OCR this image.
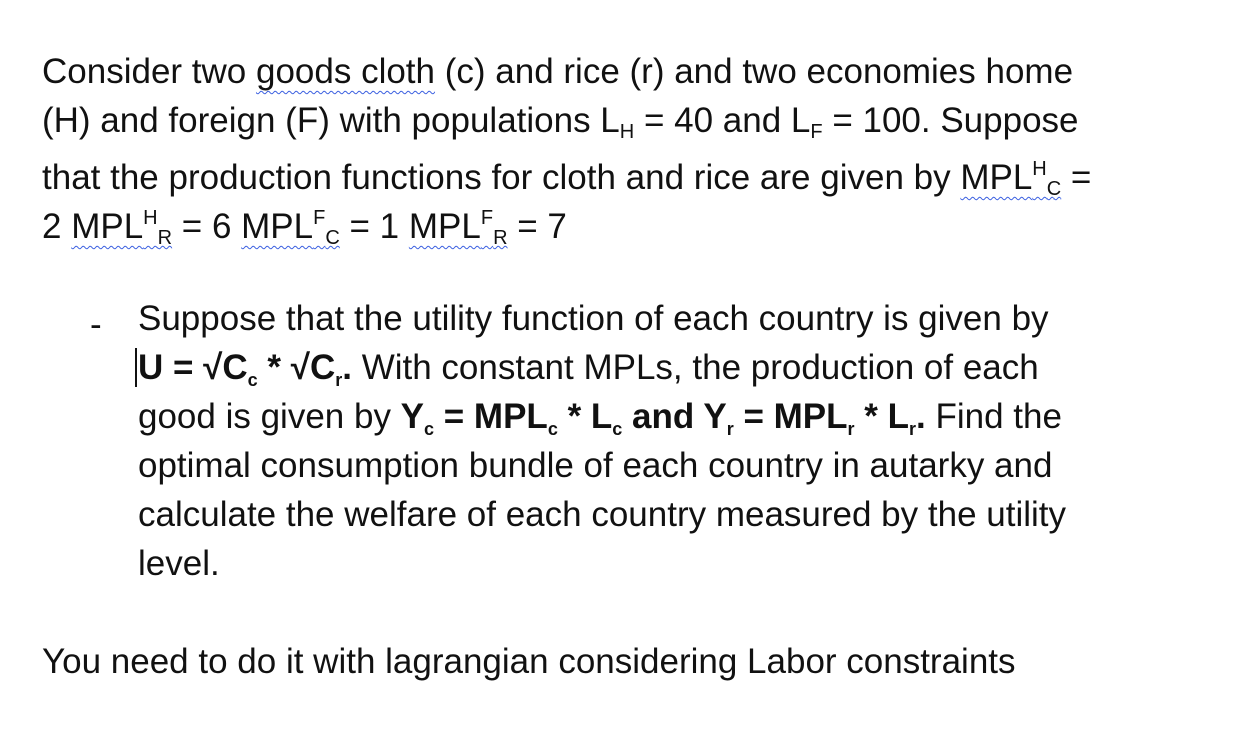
Consider two goods cloth (c) and rice (r) and two economies home
(H) and foreign (F) with populations $L_H = 40$ and $L_F = 100$. Suppose
that the production functions for cloth and rice are given by $MPL^H_C$ =
2 $MPL^H_R = 6$ $MPL^F_C = 1$ $MPL^F_R = 7$
- Suppose that the utility function of each country is given by
$U = √C_c * √C_r$. With constant MPLs, the production of each
good is given by $Y_c = MPL_c * L_c$ and $Y_r = MPL_r * L_r$. Find the
optimal consumption bundle of each country in autarky and
calculate the welfare of each country measured by the utility
level.
You need to do it with lagrangian considering Labor constraints
